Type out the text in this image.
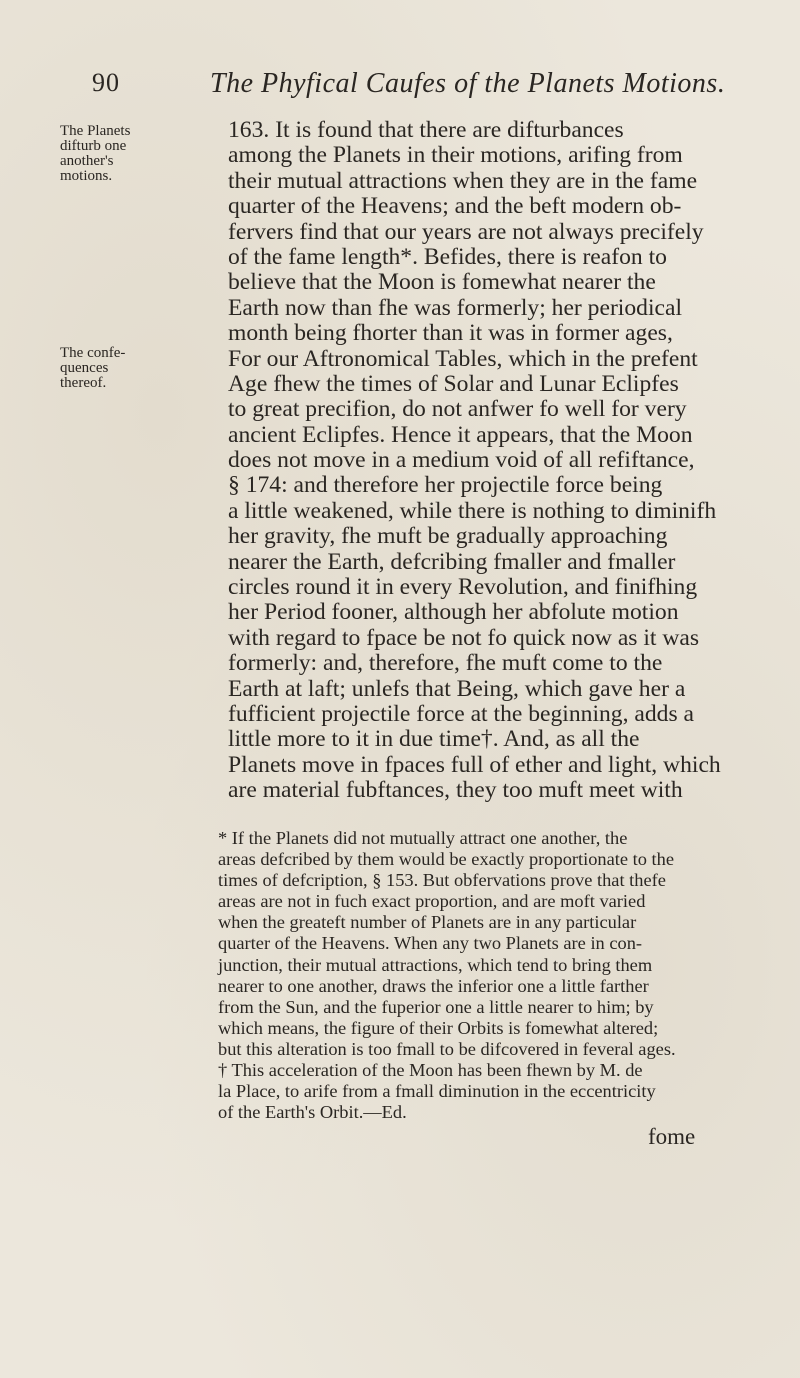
90	The Phyfical Caufes of the Planets Motions.
The Planets
difturb one
another's
motions.
The confe-
quences
thereof.
163. It is found that there are difturbances
among the Planets in their motions, arifing from
their mutual attractions when they are in the fame
quarter of the Heavens; and the beft modern ob-
fervers find that our years are not always precifely
of the fame length*. Befides, there is reafon to
believe that the Moon is fomewhat nearer the
Earth now than fhe was formerly; her periodical
month being fhorter than it was in former ages,
For our Aftronomical Tables, which in the prefent
Age fhew the times of Solar and Lunar Eclipfes
to great precifion, do not anfwer fo well for very
ancient Eclipfes. Hence it appears, that the Moon
does not move in a medium void of all refiftance,
§ 174: and therefore her projectile force being
a little weakened, while there is nothing to diminifh
her gravity, fhe muft be gradually approaching
nearer the Earth, defcribing fmaller and fmaller
circles round it in every Revolution, and finifhing
her Period fooner, although her abfolute motion
with regard to fpace be not fo quick now as it was
formerly: and, therefore, fhe muft come to the
Earth at laft; unlefs that Being, which gave her a
fufficient projectile force at the beginning, adds a
little more to it in due time†. And, as all the
Planets move in fpaces full of ether and light, which
are material fubftances, they too muft meet with
* If the Planets did not mutually attract one another, the
areas defcribed by them would be exactly proportionate to the
times of defcription, § 153. But obfervations prove that thefe
areas are not in fuch exact proportion, and are moft varied
when the greateft number of Planets are in any particular
quarter of the Heavens. When any two Planets are in con-
junction, their mutual attractions, which tend to bring them
nearer to one another, draws the inferior one a little farther
from the Sun, and the fuperior one a little nearer to him; by
which means, the figure of their Orbits is fomewhat altered;
but this alteration is too fmall to be difcovered in feveral ages.
† This acceleration of the Moon has been fhewn by M. de
la Place, to arife from a fmall diminution in the eccentricity
of the Earth's Orbit.—Ed.
fome
